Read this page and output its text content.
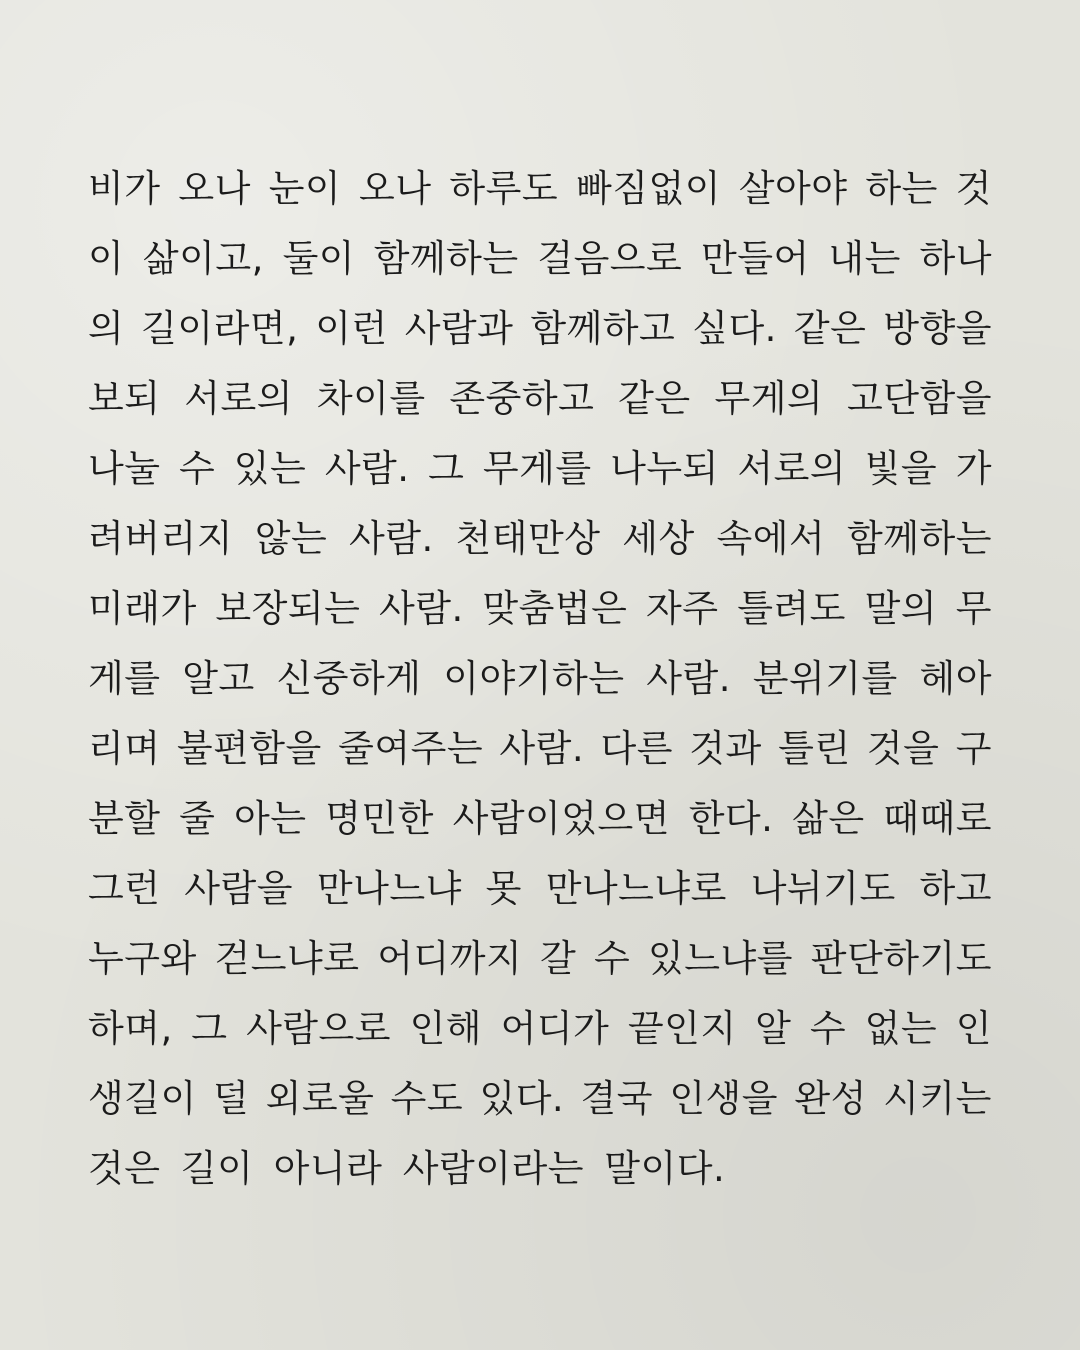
비가 오나 눈이 오나 하루도 빠짐없이 살아야 하는 것
이 삶이고, 둘이 함께하는 걸음으로 만들어 내는 하나
의 길이라면, 이런 사람과 함께하고 싶다. 같은 방향을
보되 서로의 차이를 존중하고 같은 무게의 고단함을
나눌 수 있는 사람. 그 무게를 나누되 서로의 빛을 가
려버리지 않는 사람. 천태만상 세상 속에서 함께하는
미래가 보장되는 사람. 맞춤법은 자주 틀려도 말의 무
게를 알고 신중하게 이야기하는 사람. 분위기를 헤아
리며 불편함을 줄여주는 사람. 다른 것과 틀린 것을 구
분할 줄 아는 명민한 사람이었으면 한다. 삶은 때때로
그런 사람을 만나느냐 못 만나느냐로 나뉘기도 하고
누구와 걷느냐로 어디까지 갈 수 있느냐를 판단하기도
하며, 그 사람으로 인해 어디가 끝인지 알 수 없는 인
생길이 덜 외로울 수도 있다. 결국 인생을 완성 시키는
것은 길이 아니라 사람이라는 말이다.
